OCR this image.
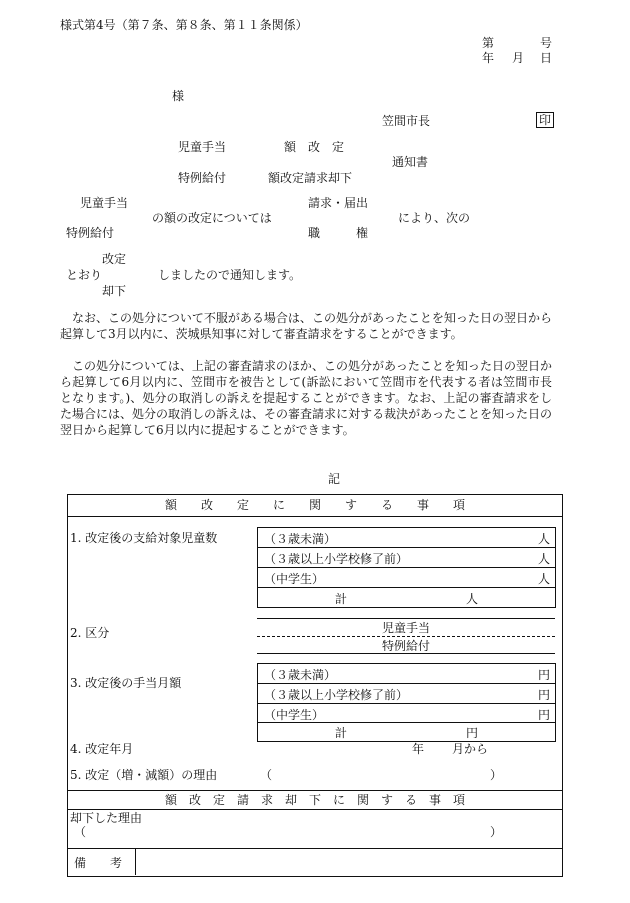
様式第4号（第７条、第８条、第１１条関係）
第	号
年 月 日
様
笠間市長	印
児童手当	額　改　定
通知書
特例給付	額改定請求却下
児童手当	請求・届出
の額の改定については	により、次の
特例給付	職　　　権
改定
とおり	しましたので通知します。
却下
　なお、この処分について不服がある場合は、この処分があったことを知った日の翌日から起算して3月以内に、茨城県知事に対して審査請求をすることができます。
　この処分については、上記の審査請求のほか、この処分があったことを知った日の翌日から起算して6月以内に、笠間市を被告として(訴訟において笠間市を代表する者は笠間市長となります。)、処分の取消しの訴えを提起することができます。なお、上記の審査請求をした場合には、処分の取消しの訴えは、その審査請求に対する裁決があったことを知った日の翌日から起算して6月以内に提起することができます。
記
額　　改　　定　　に　　関　　す　　る　　事　　項
1. 改定後の支給対象児童数	（３歳未満）	人
（３歳以上小学校修了前）	人
（中学生）	人
計	人
2. 区分	児童手当
特例給付
3. 改定後の手当月額
（３歳未満）	円
（３歳以上小学校修了前）	円
（中学生）	円
計	円
4. 改定年月	年 月から
5. 改定（増・減額）の理由	（	）
額　改　定　請　求　却　下　に　関　す　る　事　項
却下した理由
（	）
備　　考
